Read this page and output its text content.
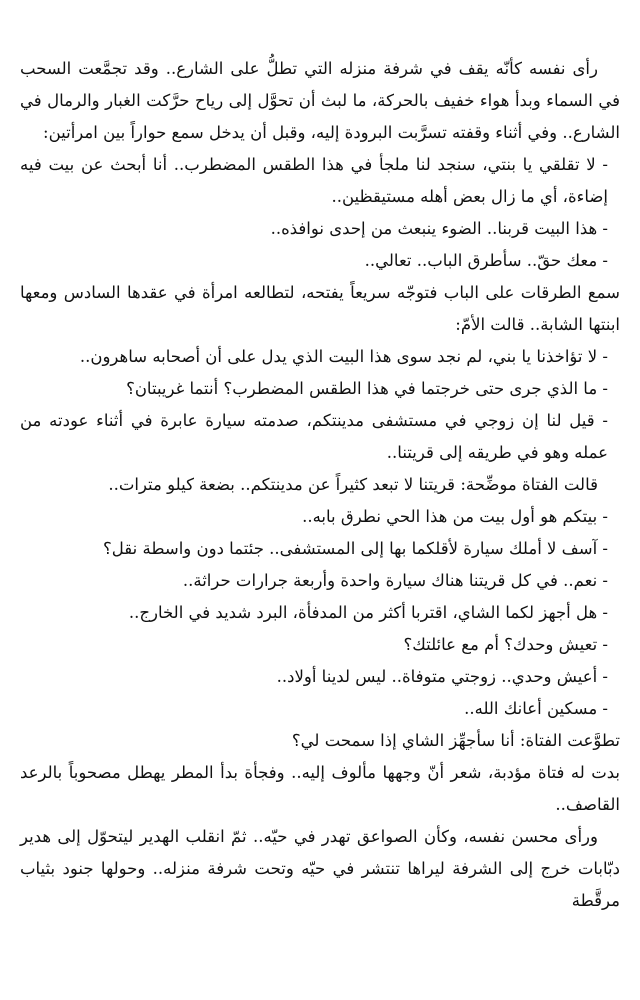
رأى نفسه كأنّه يقف في شرفة منزله التي تطلُّ على الشارع.. وقد تجمَّعت السحب في السماء وبدأ هواء خفيف بالحركة، ما لبث أن تحوَّل إلى رياح حرَّكت الغبار والرمال في الشارع.. وفي أثناء وقفته تسرَّبت البرودة إليه، وقبل أن يدخل سمع حواراً بين امرأتين:

- لا تقلقي يا بنتي، سنجد لنا ملجأ في هذا الطقس المضطرب.. أنا أبحث عن بيت فيه إضاءة، أي ما زال بعض أهله مستيقظين..

- هذا البيت قربنا.. الضوء ينبعث من إحدى نوافذه..

- معك حقّ.. سأطرق الباب.. تعالي..

سمع الطرقات على الباب فتوجّه سريعاً يفتحه، لتطالعه امرأة في عقدها السادس ومعها ابنتها الشابة.. قالت الأمّ:

- لا تؤاخذنا يا بني، لم نجد سوى هذا البيت الذي يدل على أن أصحابه ساهرون..

- ما الذي جرى حتى خرجتما في هذا الطقس المضطرب؟ أنتما غريبتان؟

- قيل لنا إن زوجي في مستشفى مدينتكم، صدمته سيارة عابرة في أثناء عودته من عمله وهو في طريقه إلى قريتنا..

قالت الفتاة موضِّحة: قريتنا لا تبعد كثيراً عن مدينتكم.. بضعة كيلو مترات..

- بيتكم هو أول بيت من هذا الحي نطرق بابه..

- آسف لا أملك سيارة لأقلكما بها إلى المستشفى.. جئتما دون واسطة نقل؟

- نعم.. في كل قريتنا هناك سيارة واحدة وأربعة جرارات حراثة..

- هل أجهز لكما الشاي، اقتربا أكثر من المدفأة، البرد شديد في الخارج..

- تعيش وحدك؟ أم مع عائلتك؟

- أعيش وحدي.. زوجتي متوفاة.. ليس لدينا أولاد..

- مسكين أعانك الله..

تطوَّعت الفتاة: أنا سأجهِّز الشاي إذا سمحت لي؟

بدت له فتاة مؤدبة، شعر أنّ وجهها مألوف إليه.. وفجأة بدأ المطر يهطل مصحوباً بالرعد القاصف..

ورأى محسن نفسه، وكأن الصواعق تهدر في حيّه.. ثمّ انقلب الهدير ليتحوّل إلى هدير دبّابات خرج إلى الشرفة ليراها تنتشر في حيّه وتحت شرفة منزله.. وحولها جنود بثياب مرقَّطة
